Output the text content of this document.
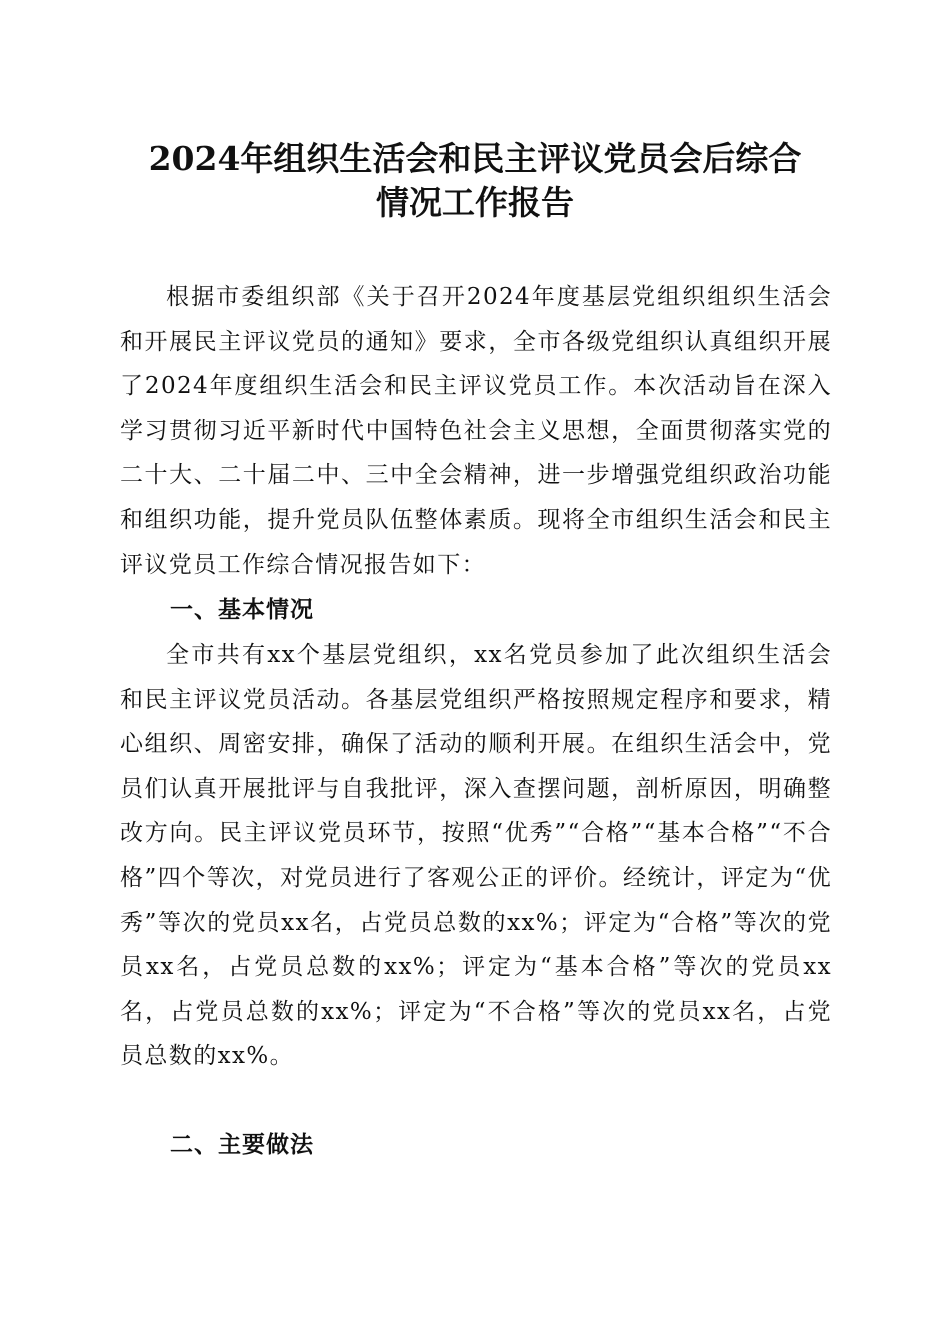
2024年组织生活会和民主评议党员会后综合
情况工作报告

根据市委组织部《关于召开2024年度基层党组织组织生活会和开展民主评议党员的通知》要求，全市各级党组织认真组织开展了2024年度组织生活会和民主评议党员工作。本次活动旨在深入学习贯彻习近平新时代中国特色社会主义思想，全面贯彻落实党的二十大、二十届二中、三中全会精神，进一步增强党组织政治功能和组织功能，提升党员队伍整体素质。现将全市组织生活会和民主评议党员工作综合情况报告如下：

一、基本情况

全市共有xx个基层党组织，xx名党员参加了此次组织生活会和民主评议党员活动。各基层党组织严格按照规定程序和要求，精心组织、周密安排，确保了活动的顺利开展。在组织生活会中，党员们认真开展批评与自我批评，深入查摆问题，剖析原因，明确整改方向。民主评议党员环节，按照“优秀”“合格”“基本合格”“不合格”四个等次，对党员进行了客观公正的评价。经统计，评定为“优秀”等次的党员xx名，占党员总数的xx%；评定为“合格”等次的党员xx名，占党员总数的xx%；评定为“基本合格”等次的党员xx名，占党员总数的xx%；评定为“不合格”等次的党员xx名，占党员总数的xx%。

二、主要做法
